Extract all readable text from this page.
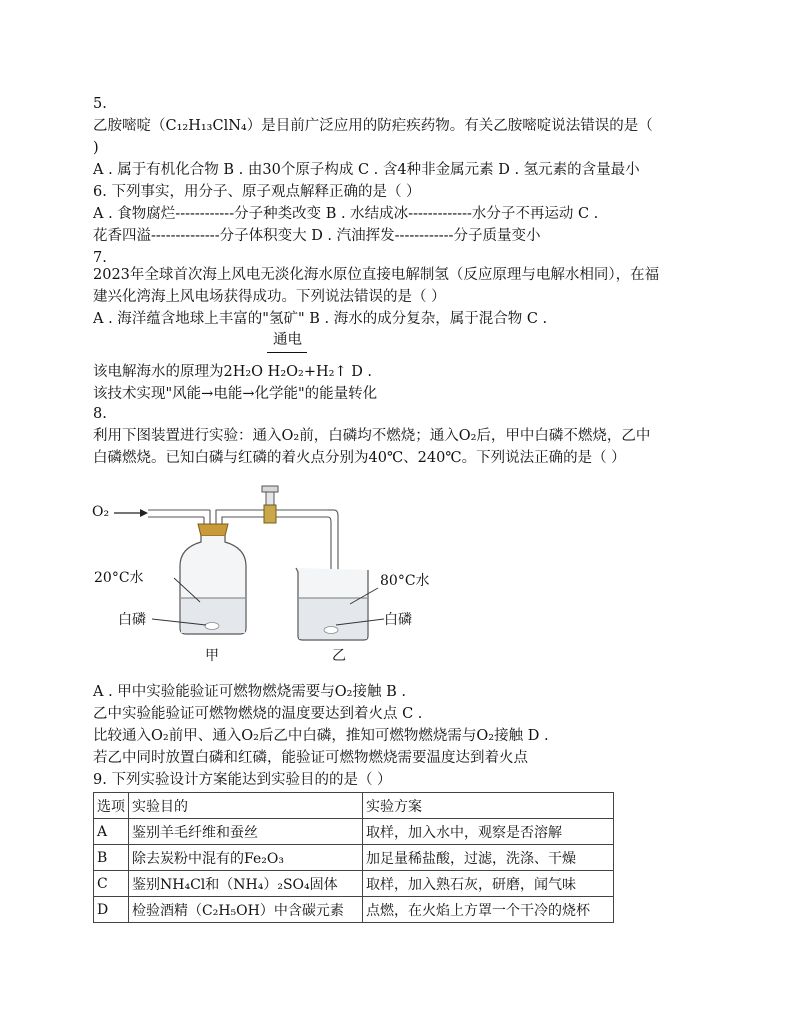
5.
乙胺嘧啶（C₁₂H₁₃ClN₄）是目前广泛应用的防疟疾药物。有关乙胺嘧啶说法错误的是（
)
A . 属于有机化合物 B . 由30个原子构成 C . 含4种非金属元素 D . 氢元素的含量最小
6. 下列事实，用分子、原子观点解释正确的是（ ）
A . 食物腐烂------------分子种类改变 B . 水结成冰-------------水分子不再运动 C .
花香四溢--------------分子体积变大 D . 汽油挥发------------分子质量变小
7.
2023年全球首次海上风电无淡化海水原位直接电解制氢（反应原理与电解水相同），在福
建兴化湾海上风电场获得成功。下列说法错误的是（ ）
A . 海洋蕴含地球上丰富的"氢矿" B . 海水的成分复杂，属于混合物 C .
通电
该电解海水的原理为2H₂O H₂O₂+H₂↑ D .
该技术实现"风能→电能→化学能"的能量转化
8.
利用下图装置进行实验：通入O₂前，白磷均不燃烧；通入O₂后，甲中白磷不燃烧，乙中
白磷燃烧。已知白磷与红磷的着火点分别为40℃、240℃。下列说法正确的是（ ）
O₂
20°C水
白磷
80°C水
白磷
甲	乙
A . 甲中实验能验证可燃物燃烧需要与O₂接触 B .
乙中实验能验证可燃物燃烧的温度要达到着火点 C .
比较通入O₂前甲、通入O₂后乙中白磷，推知可燃物燃烧需与O₂接触 D .
若乙中同时放置白磷和红磷，能验证可燃物燃烧需要温度达到着火点
9. 下列实验设计方案能达到实验目的的是（ ）
选项	实验目的	实验方案
A	鉴别羊毛纤维和蚕丝	取样，加入水中，观察是否溶解
B	除去炭粉中混有的Fe₂O₃	加足量稀盐酸，过滤，洗涤、干燥
C	鉴别NH₄Cl和（NH₄）₂SO₄固体	取样，加入熟石灰，研磨，闻气味
D	检验酒精（C₂H₅OH）中含碳元素	点燃，在火焰上方罩一个干冷的烧杯
